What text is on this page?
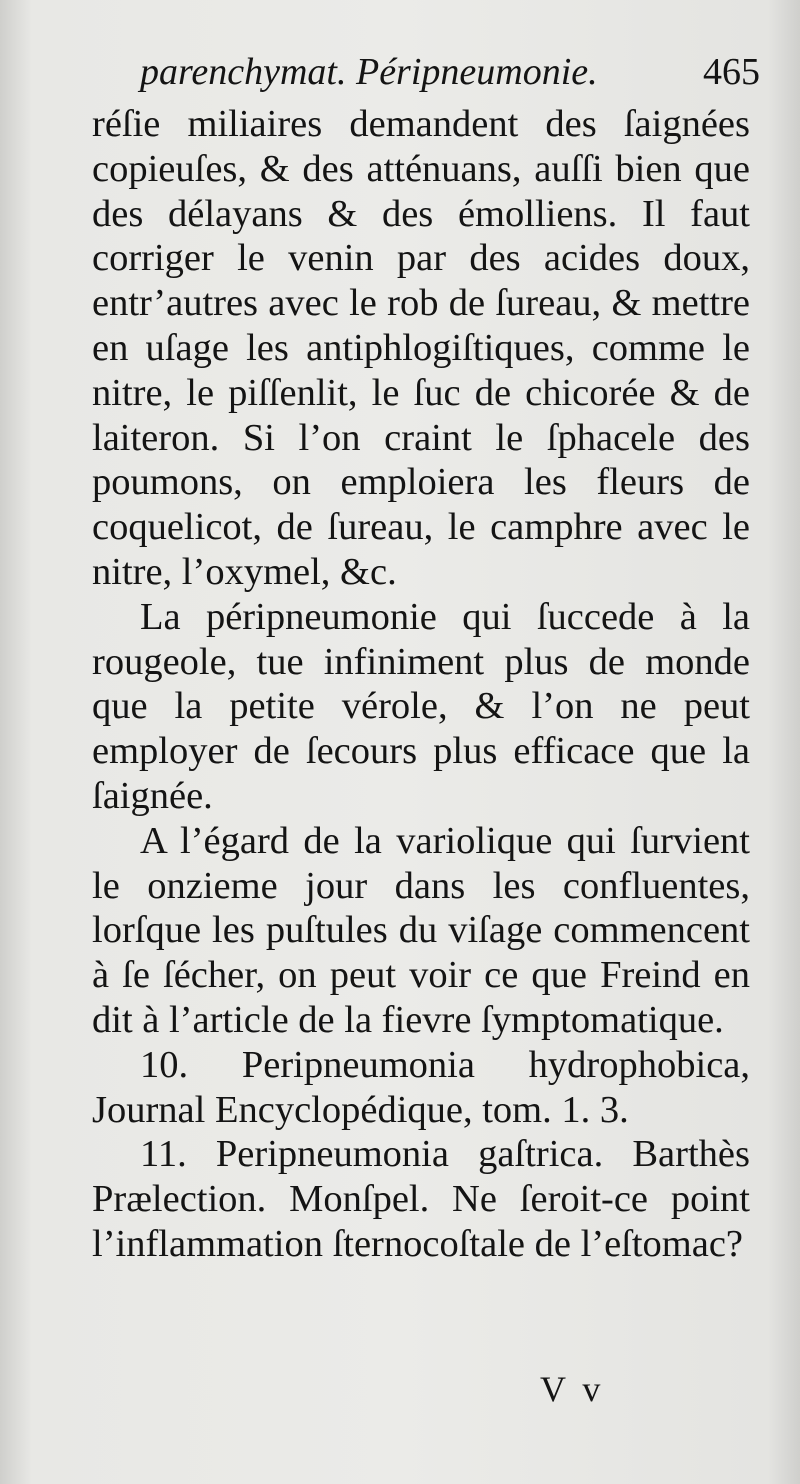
parenchymat. Péripneumonie.	465

réſie miliaires demandent des ſaignées copieuſes, & des atténuans, auſſi bien que des délayans & des émolliens. Il faut corriger le venin par des acides doux, entr’autres avec le rob de ſureau, & mettre en uſage les antiphlogiſtiques, comme le nitre, le piſſenlit, le ſuc de chicorée & de laiteron. Si l’on craint le ſphacele des poumons, on emploiera les fleurs de coquelicot, de ſureau, le camphre avec le nitre, l’oxymel, &c.

La péripneumonie qui ſuccede à la rougeole, tue infiniment plus de monde que la petite vérole, & l’on ne peut employer de ſecours plus efficace que la ſaignée.

A l’égard de la variolique qui ſurvient le onzieme jour dans les confluentes, lorſque les puſtules du viſage commencent à ſe ſécher, on peut voir ce que Freind en dit à l’article de la fievre ſymptomatique.

10. Peripneumonia hydrophobica, Journal Encyclopédique, tom. 1. 3.

11. Peripneumonia gaſtrica. Barthès Prælection. Monſpel. Ne ſeroit-ce point l’inflammation ſternocoſtale de l’eſtomac?

V v
